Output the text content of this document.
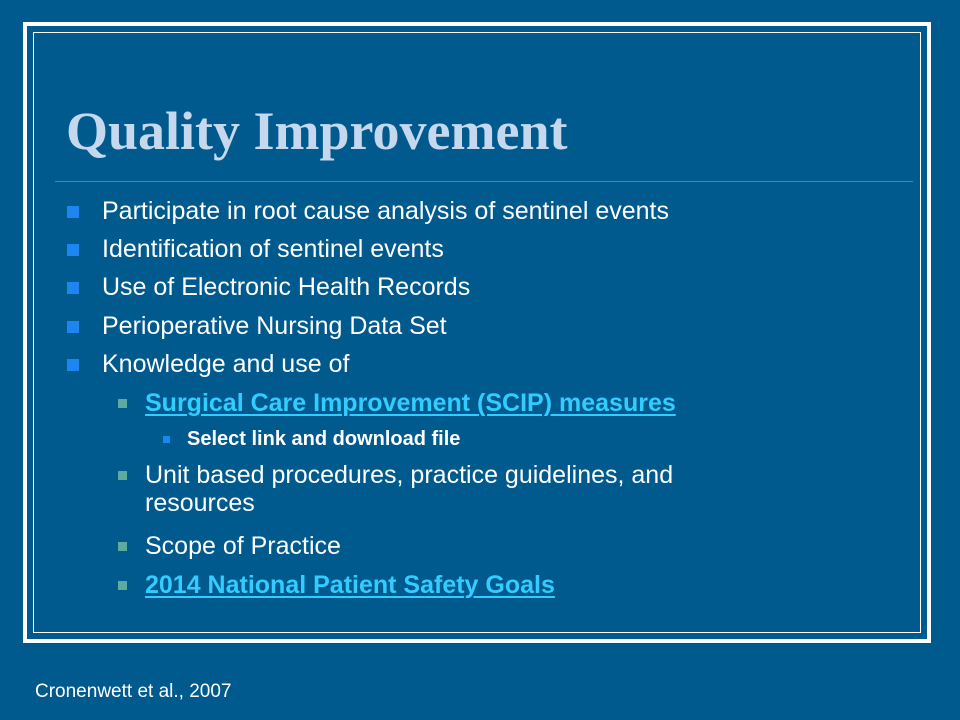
Quality Improvement
Participate in root cause analysis of sentinel events
Identification of sentinel events
Use of Electronic Health Records
Perioperative Nursing Data Set
Knowledge and use of
Surgical Care Improvement (SCIP) measures
Select link and download file
Unit based procedures, practice guidelines, and
resources
Scope of Practice
2014 National Patient Safety Goals
Cronenwett et al., 2007
